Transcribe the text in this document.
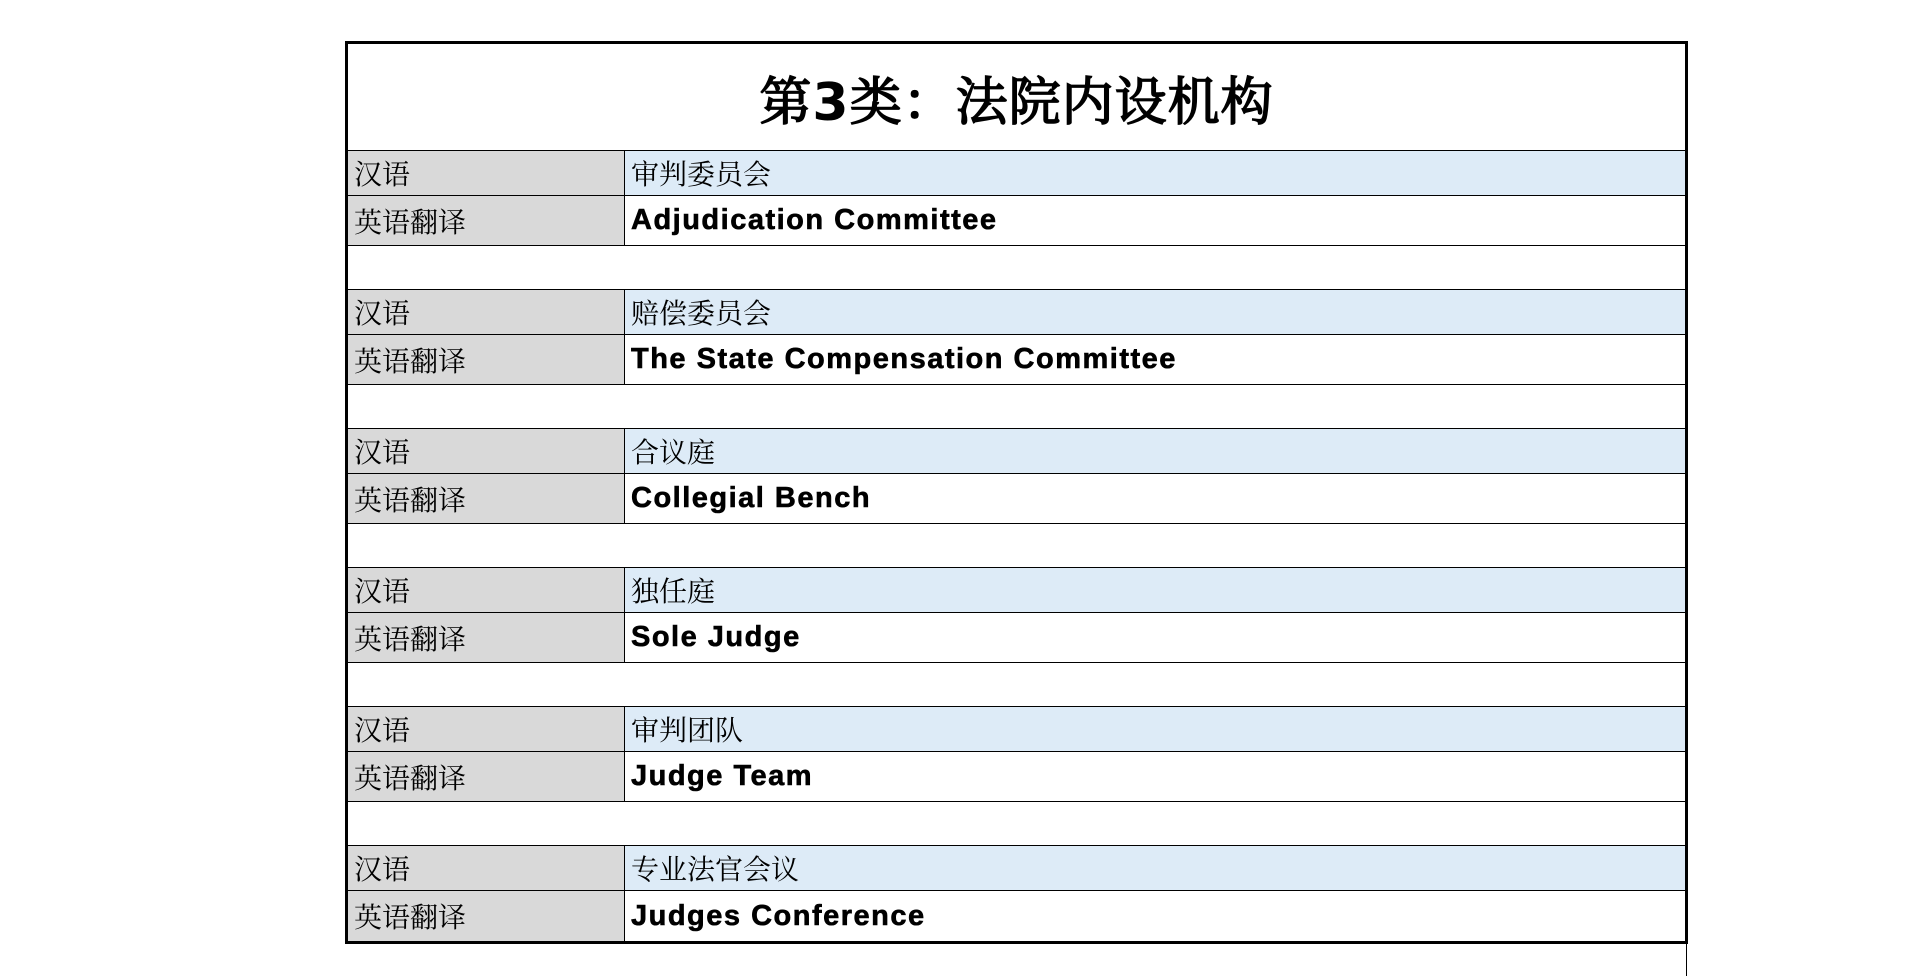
第3类：法院内设机构
汉语	审判委员会
英语翻译	Adjudication Committee
汉语	赔偿委员会
英语翻译	The State Compensation Committee
汉语	合议庭
英语翻译	Collegial Bench
汉语	独任庭
英语翻译	Sole Judge
汉语	审判团队
英语翻译	Judge Team
汉语	专业法官会议
英语翻译	Judges Conference
